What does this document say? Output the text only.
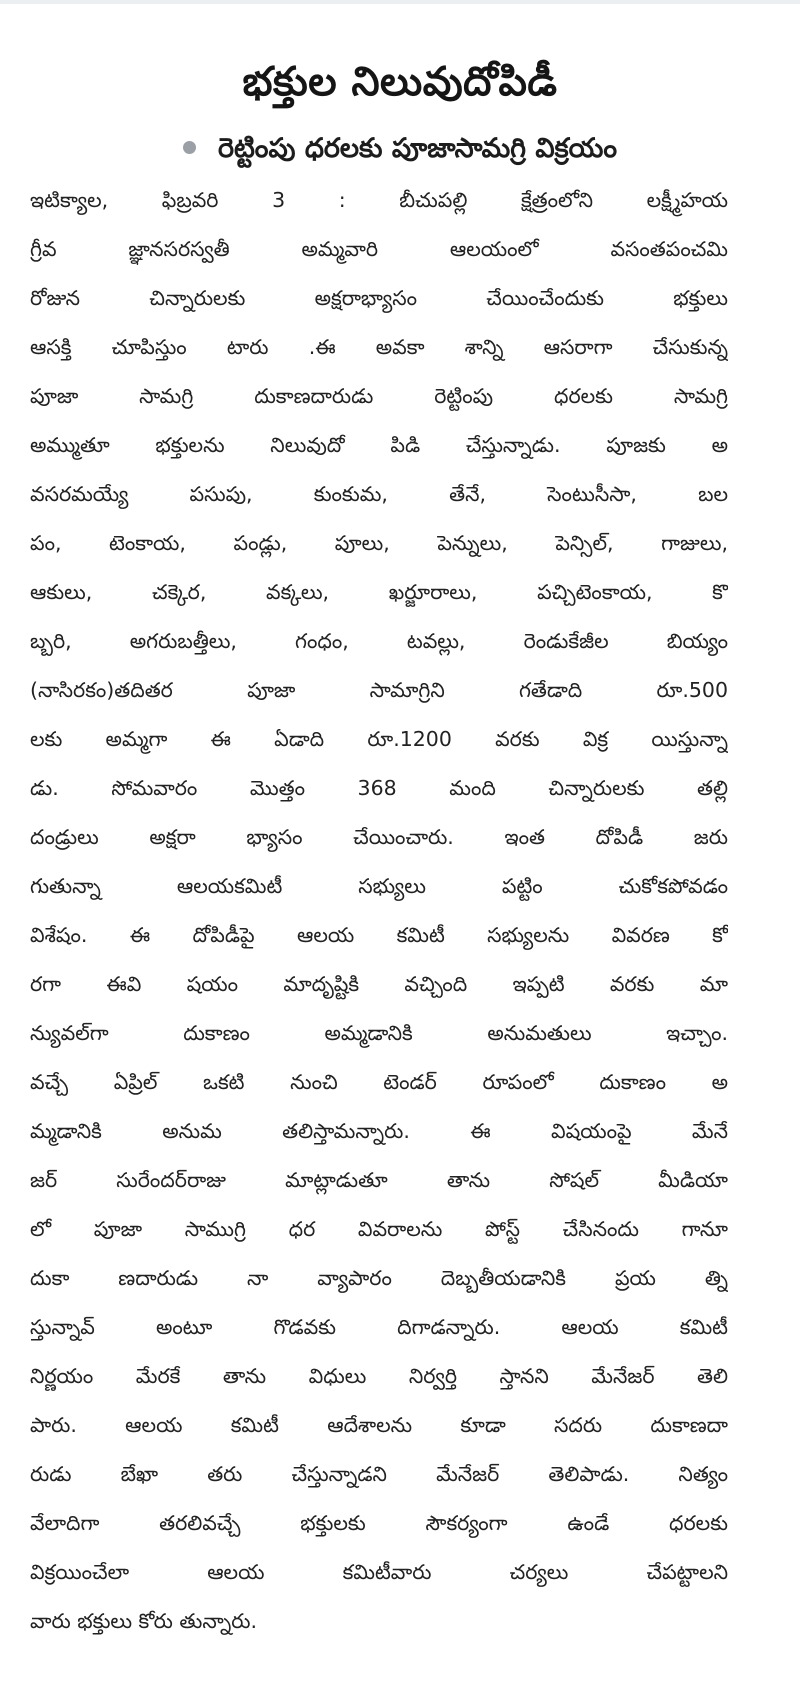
భక్తుల నిలువుదోపిడీ
రెట్టింపు ధరలకు పూజాసామగ్రి విక్రయం
ఇటిక్యాల, ఫిబ్రవరి 3 : బీచుపల్లి క్షేత్రంలోని లక్ష్మీహయ
గ్రీవ జ్ఞానసరస్వతీ అమ్మవారి ఆలయంలో వసంతపంచమి
రోజున చిన్నారులకు అక్షరాభ్యాసం చేయించేందుకు భక్తులు
ఆసక్తి చూపిస్తుం టారు .ఈ అవకా శాన్ని ఆసరాగా చేసుకున్న
పూజా సామగ్రి దుకాణదారుడు రెట్టింపు ధరలకు సామగ్రి
అమ్ముతూ భక్తులను నిలువుదో పిడి చేస్తున్నాడు. పూజకు అ
వసరమయ్యే పసుపు, కుంకుమ, తేనే, సెంటుసీసా, బల
పం, టెంకాయ, పండ్లు, పూలు, పెన్నులు, పెన్సిల్, గాజులు,
ఆకులు, చక్కెర, వక్కలు, ఖర్జూరాలు, పచ్చిటెంకాయ, కొ
బ్బరి, అగరుబత్తీలు, గంధం, టవల్లు, రెండుకేజీల బియ్యం
(నాసిరకం)తదితర పూజా సామాగ్రిని గతేడాది రూ.500
లకు అమ్మగా ఈ ఏడాది రూ.1200 వరకు విక్ర యిస్తున్నా
డు. సోమవారం మొత్తం 368 మంది చిన్నారులకు తల్లి
దండ్రులు అక్షరా భ్యాసం చేయించారు. ఇంత దోపిడీ జరు
గుతున్నా ఆలయకమిటీ సభ్యులు పట్టిం చుకోకపోవడం
విశేషం. ఈ దోపిడీపై ఆలయ కమిటీ సభ్యులను వివరణ కో
రగా ఈవి షయం మాదృష్టికి వచ్చింది ఇప్పటి వరకు మా
న్యువల్‌గా దుకాణం అమ్మడానికి అనుమతులు ఇచ్చాం.
వచ్చే ఏప్రిల్ ఒకటి నుంచి టెండర్ రూపంలో దుకాణం అ
మ్మడానికి అనుమ తలిస్తామన్నారు. ఈ విషయంపై మేనే
జర్ సురేందర్‌రాజు మాట్లాడుతూ తాను సోషల్ మీడియా
లో పూజా సాముగ్రి ధర వివరాలను పోస్ట్ చేసినందు గానూ
దుకా ణదారుడు నా వ్యాపారం దెబ్బతీయడానికి ప్రయ త్ని
స్తున్నావ్ అంటూ గొడవకు దిగాడన్నారు. ఆలయ కమిటీ
నిర్ణయం మేరకే తాను విధులు నిర్వర్తి స్తానని మేనేజర్ తెలి
పారు. ఆలయ కమిటీ ఆదేశాలను కూడా సదరు దుకాణదా
రుడు బేఖా తరు చేస్తున్నాడని మేనేజర్ తెలిపాడు. నిత్యం
వేలాదిగా తరలివచ్చే భక్తులకు సౌకర్యంగా ఉండే ధరలకు
విక్రయించేలా ఆలయ కమిటీవారు చర్యలు చేపట్టాలని
వారు భక్తులు కోరు తున్నారు.
